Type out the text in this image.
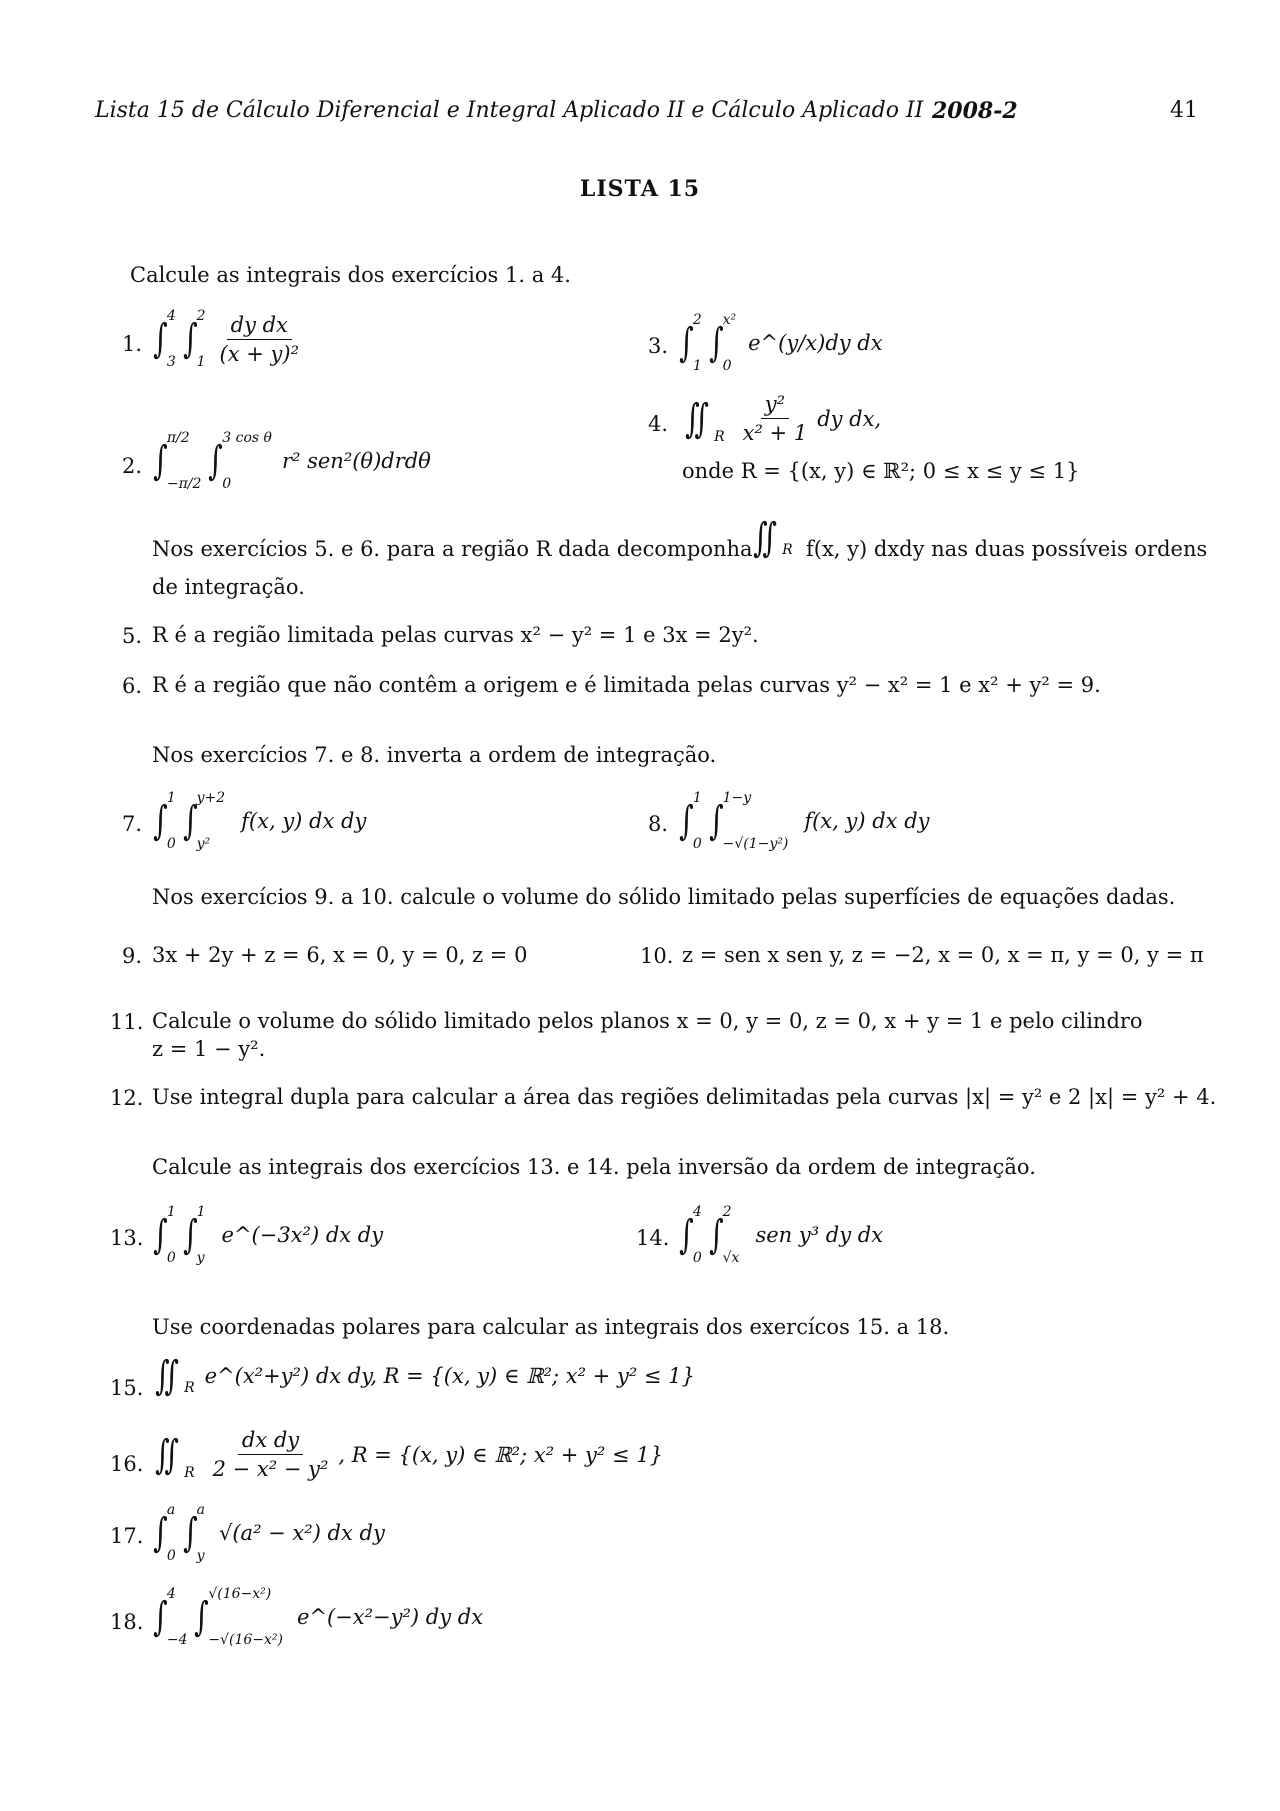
Lista 15 de Cálculo Diferencial e Integral Aplicado II e Cálculo Aplicado II 2008-2	41
LISTA 15
Calcule as integrais dos exercícios 1. a 4.
1. ∫ 4
3 ∫ 2
$1 \frac{\text{dy dx}}{\text{(x + y)²}}$	3. ∫ 2
1 ∫ x²
0
e^(y/x)dy dx
4. ∬ R $\frac{\text{y²}}{\text{x² + 1}}$ dy dx,
onde R = {(x, y) ∈ ℝ²; 0 ≤ x ≤ y ≤ 1}
2. ∫ π/2
−π/2 ∫ 3 cos θ
0
r² sen²(θ)drdθ
Nos exercícios 5. e 6. para a região R dada decomponha ∬ R f(x, y) dxdy nas duas possíveis ordens
de integração.
5. R é a região limitada pelas curvas x² − y² = 1 e 3x = 2y².
6. R é a região que não contêm a origem e é limitada pelas curvas y² − x² = 1 e x² + y² = 9.
Nos exercícios 7. e 8. inverta a ordem de integração.
7. ∫ 1
0 ∫ y+2
y²
f(x, y) dx dy	8. ∫ 1
0 ∫ 1−y
−√(1−y²)
f(x, y) dx dy
Nos exercícios 9. a 10. calcule o volume do sólido limitado pelas superfícies de equações dadas.
9. 3x + 2y + z = 6, x = 0, y = 0, z = 0	10. z = sen x sen y, z = −2, x = 0, x = π, y = 0, y = π
11. Calcule o volume do sólido limitado pelos planos x = 0, y = 0, z = 0, x + y = 1 e pelo cilindro
z = 1 − y².
12. Use integral dupla para calcular a área das regiões delimitadas pela curvas |x| = y² e 2 |x| = y² + 4.
Calcule as integrais dos exercícios 13. e 14. pela inversão da ordem de integração.
13. ∫ 1
0 ∫ 1
y
e^(−3x²) dx dy	14. ∫ 4
0 ∫ 2
√x
sen y³ dy dx
Use coordenadas polares para calcular as integrais dos exercícos 15. a 18.
15. ∬ R e^(x²+y²) dx dy, R = {(x, y) ∈ ℝ²; x² + y² ≤ 1}
16. ∬ R $\frac{\text{dx dy}}{\text{2 − x² − y²}}$ , R = {(x, y) ∈ ℝ²; x² + y² ≤ 1}
17. ∫ a
0 ∫ a
y
√(a² − x²) dx dy
18. ∫ 4
−4 ∫ √(16−x²)
−√(16−x²)
e^(−x²−y²) dy dx
